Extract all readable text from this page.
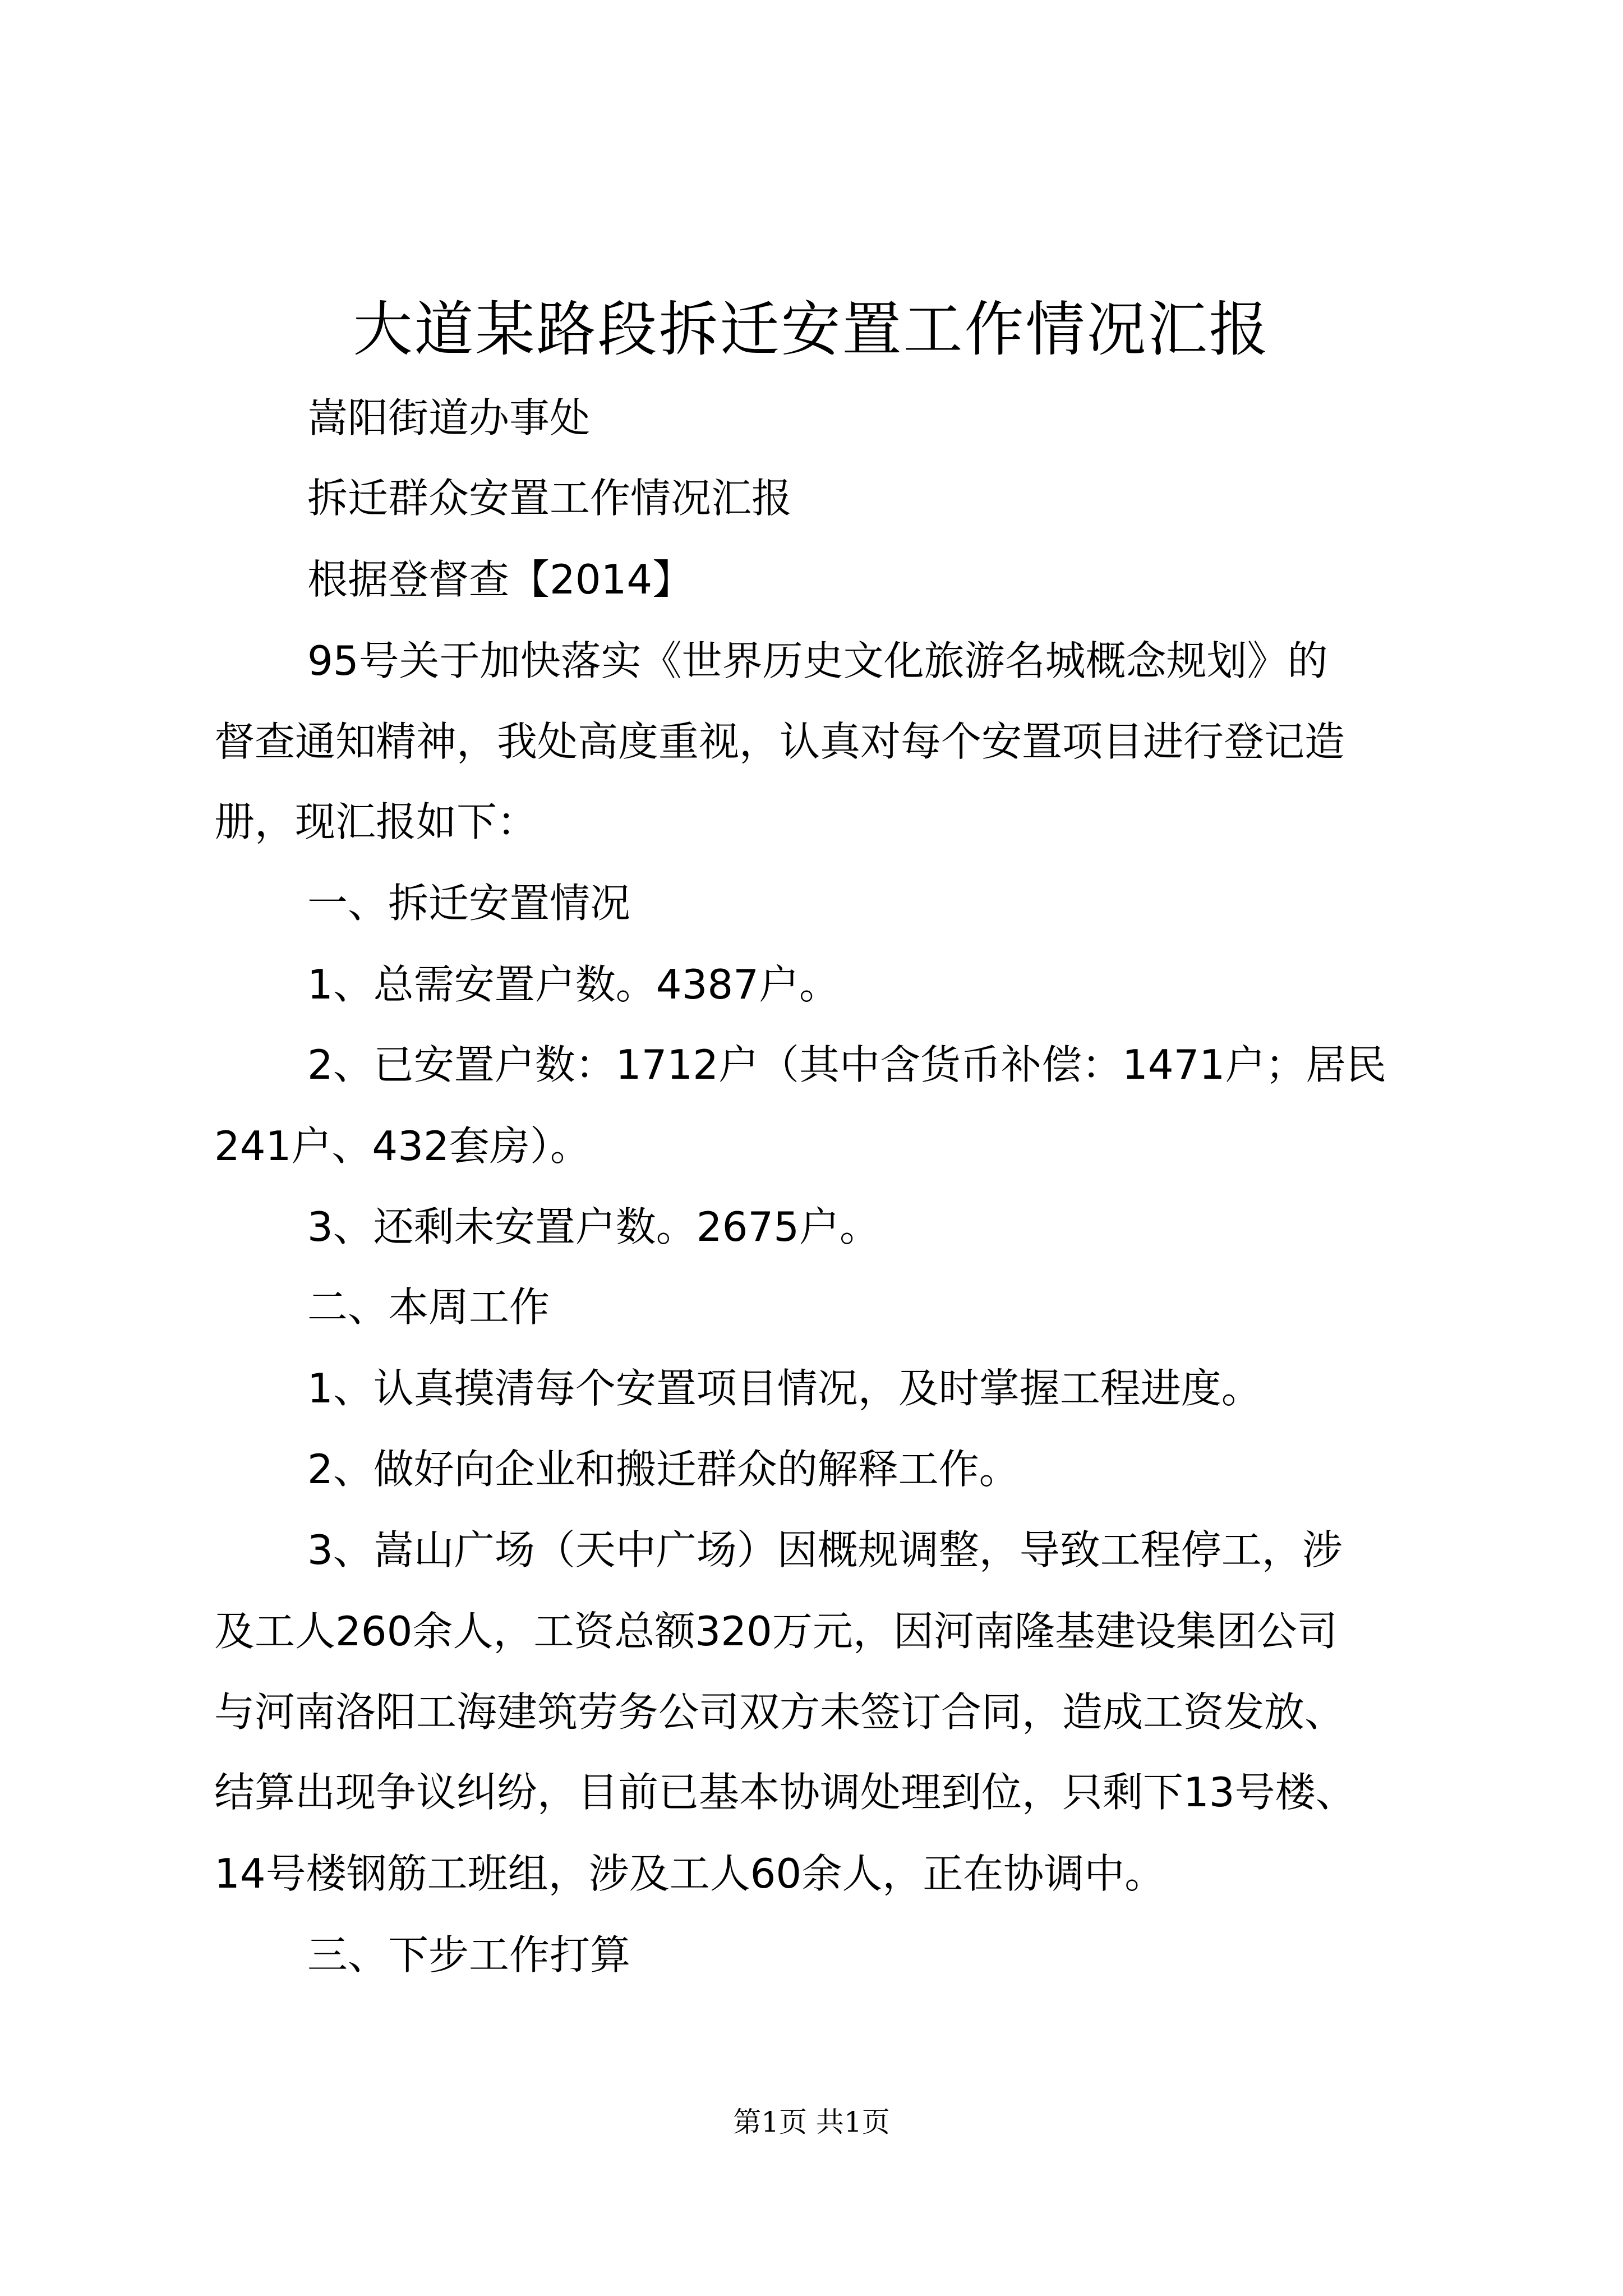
大道某路段拆迁安置工作情况汇报
嵩阳街道办事处
拆迁群众安置工作情况汇报
根据登督查【2014】
95号关于加快落实《世界历史文化旅游名城概念规划》的
督查通知精神，我处高度重视，认真对每个安置项目进行登记造
册，现汇报如下：
一、拆迁安置情况
1、总需安置户数。4387户。
2、已安置户数：1712户（其中含货币补偿：1471户；居民
241户、432套房）。
3、还剩未安置户数。2675户。
二、本周工作
1、认真摸清每个安置项目情况，及时掌握工程进度。
2、做好向企业和搬迁群众的解释工作。
3、嵩山广场（天中广场）因概规调整，导致工程停工，涉
及工人260余人，工资总额320万元，因河南隆基建设集团公司
与河南洛阳工海建筑劳务公司双方未签订合同，造成工资发放、
结算出现争议纠纷，目前已基本协调处理到位，只剩下13号楼、
14号楼钢筋工班组，涉及工人60余人，正在协调中。
三、下步工作打算
第1页 共1页
